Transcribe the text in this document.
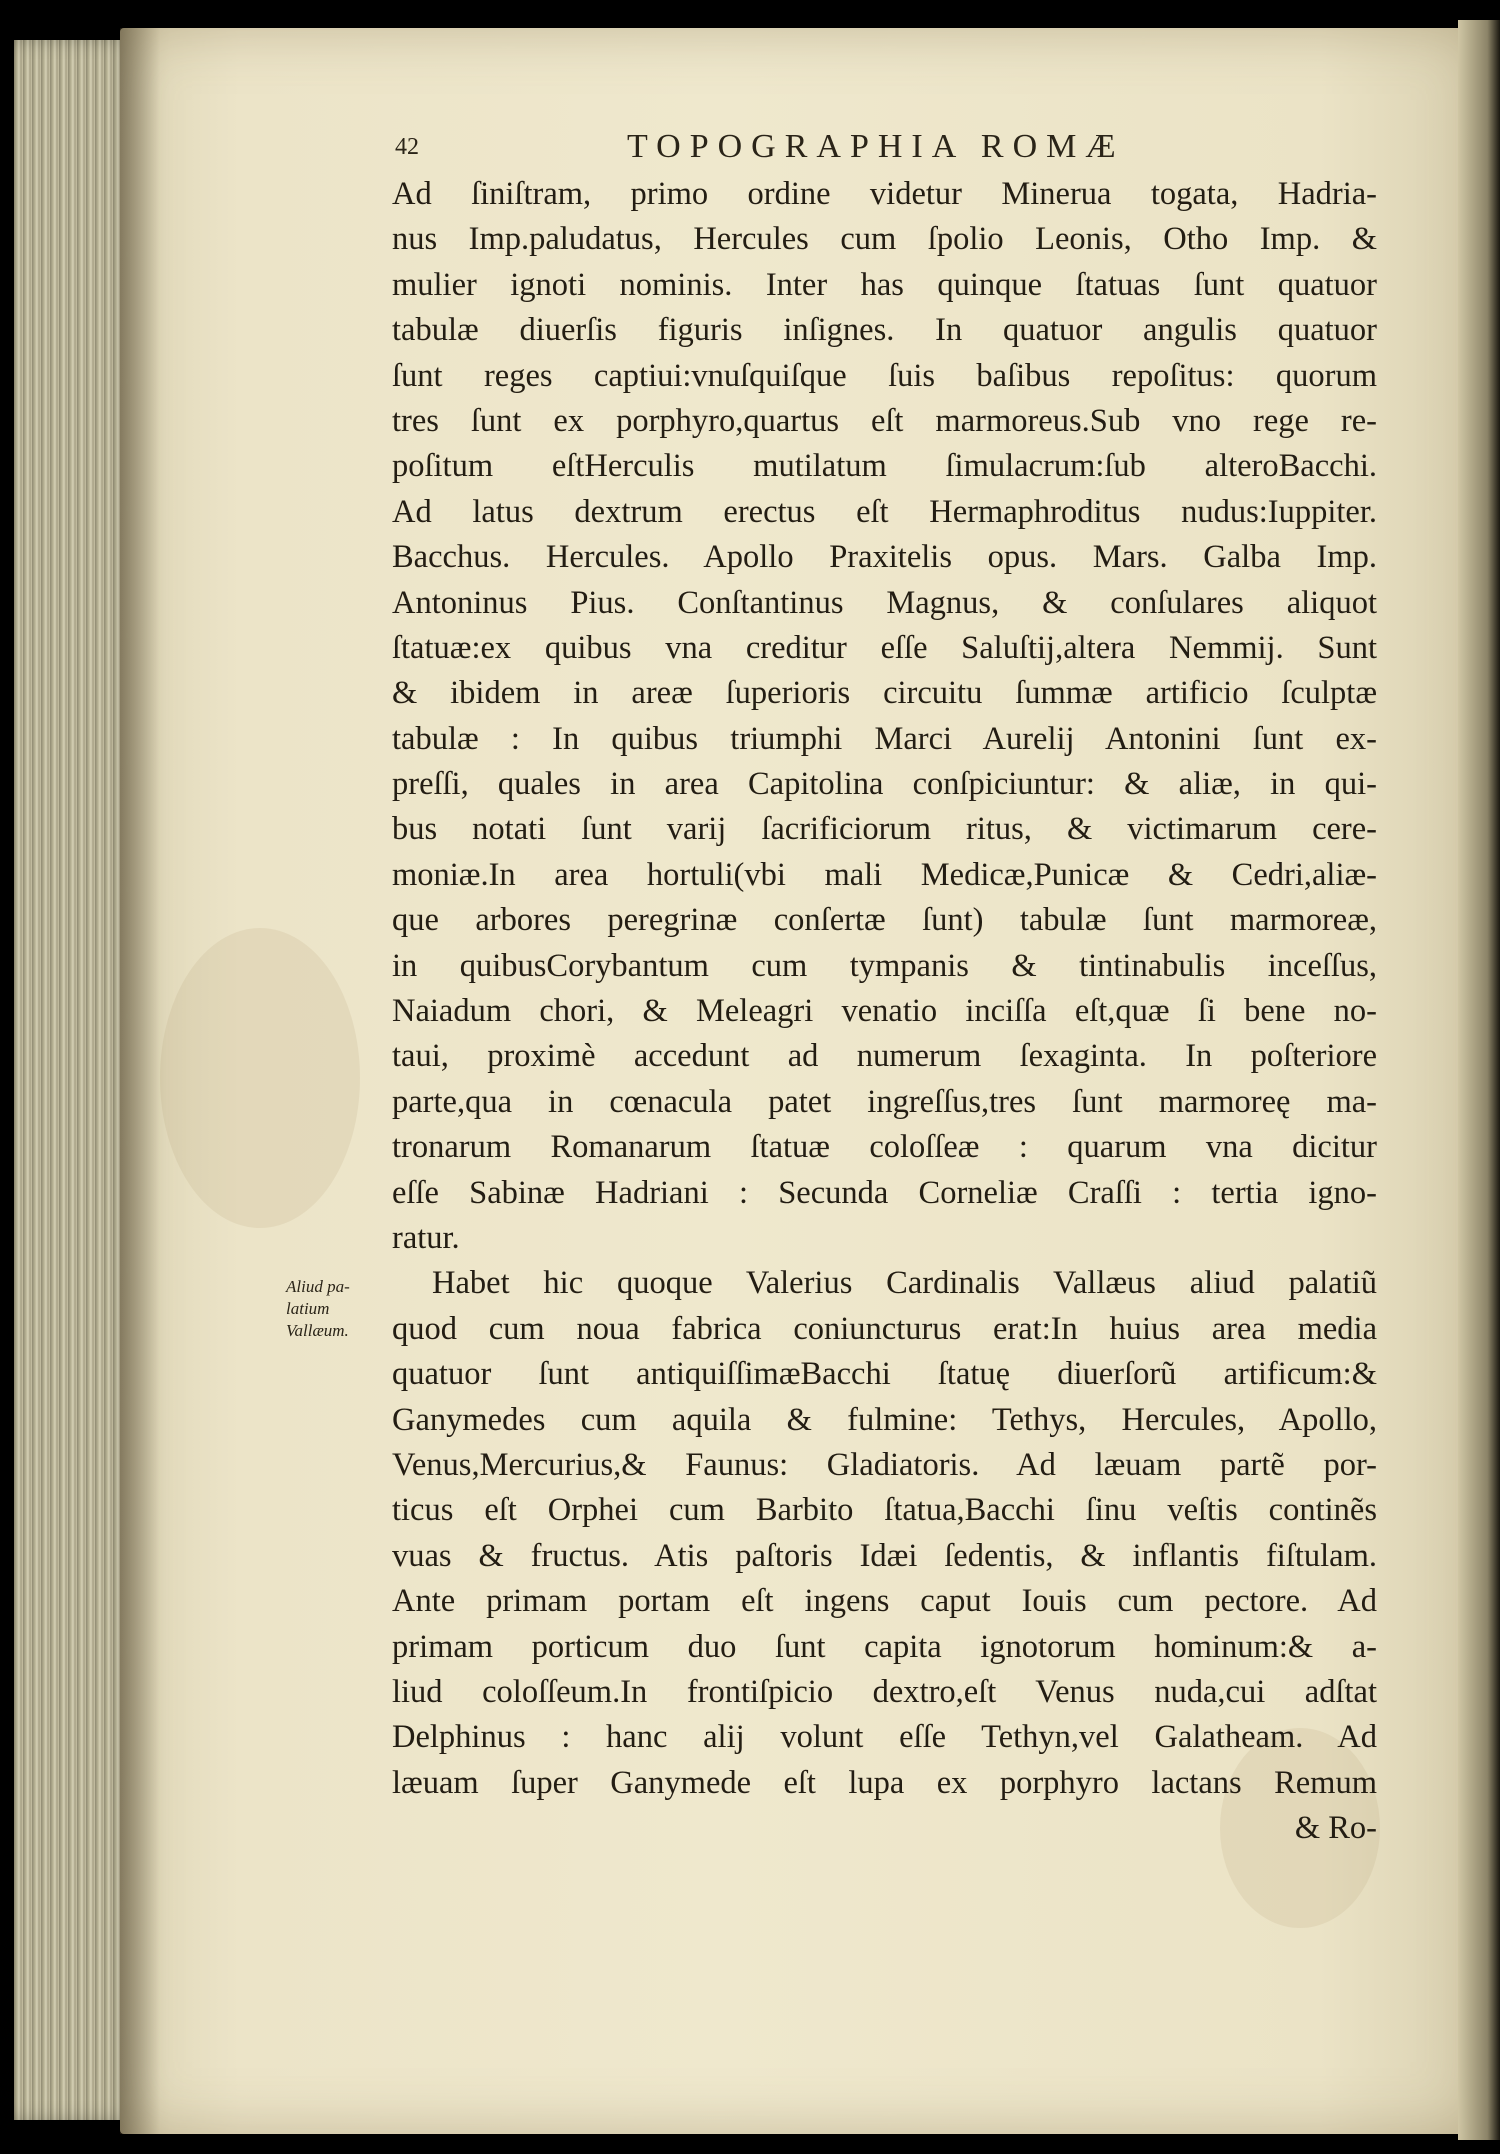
42	TOPOGRAPHIA ROMÆ
Aliud pa-
latium
Vallæum.
Ad ſiniſtram, primo ordine videtur Minerua togata, Hadria-
nus Imp.paludatus, Hercules cum ſpolio Leonis, Otho Imp. &
mulier ignoti nominis. Inter has quinque ſtatuas ſunt quatuor
tabulæ diuerſis figuris inſignes. In quatuor angulis quatuor
ſunt reges captiui:vnuſquiſque ſuis baſibus repoſitus: quorum
tres ſunt ex porphyro,quartus eſt marmoreus.Sub vno rege re-
poſitum eſtHerculis mutilatum ſimulacrum:ſub alteroBacchi.
Ad latus dextrum erectus eſt Hermaphroditus nudus:Iuppiter.
Bacchus. Hercules. Apollo Praxitelis opus. Mars. Galba Imp.
Antoninus Pius. Conſtantinus Magnus, & conſulares aliquot
ſtatuæ:ex quibus vna creditur eſſe Saluſtij,altera Nemmij. Sunt
& ibidem in areæ ſuperioris circuitu ſummæ artificio ſculptæ
tabulæ : In quibus triumphi Marci Aurelij Antonini ſunt ex-
preſſi, quales in area Capitolina conſpiciuntur: & aliæ, in qui-
bus notati ſunt varij ſacrificiorum ritus, & victimarum cere-
moniæ.In area hortuli(vbi mali Medicæ,Punicæ & Cedri,aliæ-
que arbores peregrinæ conſertæ ſunt) tabulæ ſunt marmoreæ,
in quibusCorybantum cum tympanis & tintinabulis inceſſus,
Naiadum chori, & Meleagri venatio inciſſa eſt,quæ ſi bene no-
taui, proximè accedunt ad numerum ſexaginta. In poſteriore
parte,qua in cœnacula patet ingreſſus,tres ſunt marmoreę ma-
tronarum Romanarum ſtatuæ coloſſeæ : quarum vna dicitur
eſſe Sabinæ Hadriani : Secunda Corneliæ Craſſi : tertia igno-
ratur.
Habet hic quoque Valerius Cardinalis Vallæus aliud palatiũ
quod cum noua fabrica coniuncturus erat:In huius area media
quatuor ſunt antiquiſſimæBacchi ſtatuę diuerſorũ artificum:&
Ganymedes cum aquila & fulmine: Tethys, Hercules, Apollo,
Venus,Mercurius,& Faunus: Gladiatoris. Ad læuam partẽ por-
ticus eſt Orphei cum Barbito ſtatua,Bacchi ſinu veſtis continẽs
vuas & fructus. Atis paſtoris Idæi ſedentis, & inflantis fiſtulam.
Ante primam portam eſt ingens caput Iouis cum pectore. Ad
primam porticum duo ſunt capita ignotorum hominum:& a-
liud coloſſeum.In frontiſpicio dextro,eſt Venus nuda,cui adſtat
Delphinus : hanc alij volunt eſſe Tethyn,vel Galatheam. Ad
læuam ſuper Ganymede eſt lupa ex porphyro lactans Remum
& Ro-
